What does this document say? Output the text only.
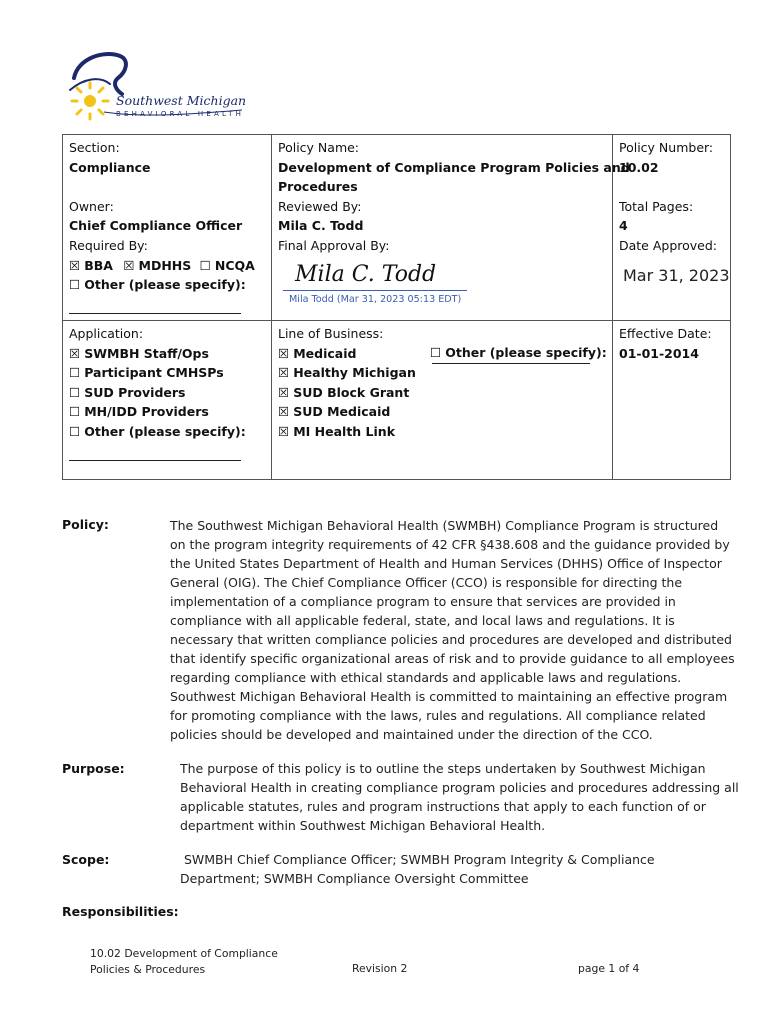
Southwest Michigan
BEHAVIORAL HEALTH
Section:
Compliance
Owner:
Chief Compliance Officer
Required By:
☒ BBA ☒ MDHHS ☐ NCQA
☐ Other (please specify):
Policy Name:
Development of Compliance Program Policies and
Procedures
Reviewed By:
Mila C. Todd
Final Approval By:
Mila C. Todd
Mila Todd (Mar 31, 2023 05:13 EDT)
Policy Number:
10.02
Total Pages:
4
Date Approved:
Mar 31, 2023
Application:
☒ SWMBH Staff/Ops
☐ Participant CMHSPs
☐ SUD Providers
☐ MH/IDD Providers
☐ Other (please specify):
Line of Business:
☒ Medicaid
☒ Healthy Michigan
☒ SUD Block Grant
☒ SUD Medicaid
☒ MI Health Link
☐ Other (please specify):
Effective Date:
01-01-2014
Policy:	The Southwest Michigan Behavioral Health (SWMBH) Compliance Program is structured
on the program integrity requirements of 42 CFR §438.608 and the guidance provided by
the United States Department of Health and Human Services (DHHS) Office of Inspector
General (OIG). The Chief Compliance Officer (CCO) is responsible for directing the
implementation of a compliance program to ensure that services are provided in
compliance with all applicable federal, state, and local laws and regulations. It is
necessary that written compliance policies and procedures are developed and distributed
that identify specific organizational areas of risk and to provide guidance to all employees
regarding compliance with ethical standards and applicable laws and regulations.
Southwest Michigan Behavioral Health is committed to maintaining an effective program
for promoting compliance with the laws, rules and regulations. All compliance related
policies should be developed and maintained under the direction of the CCO.
Purpose:	The purpose of this policy is to outline the steps undertaken by Southwest Michigan
Behavioral Health in creating compliance program policies and procedures addressing all
applicable statutes, rules and program instructions that apply to each function of or
department within Southwest Michigan Behavioral Health.
Scope:	SWMBH Chief Compliance Officer; SWMBH Program Integrity & Compliance
Department; SWMBH Compliance Oversight Committee
Responsibilities:
10.02 Development of Compliance
Policies & Procedures	Revision 2	page 1 of 4
